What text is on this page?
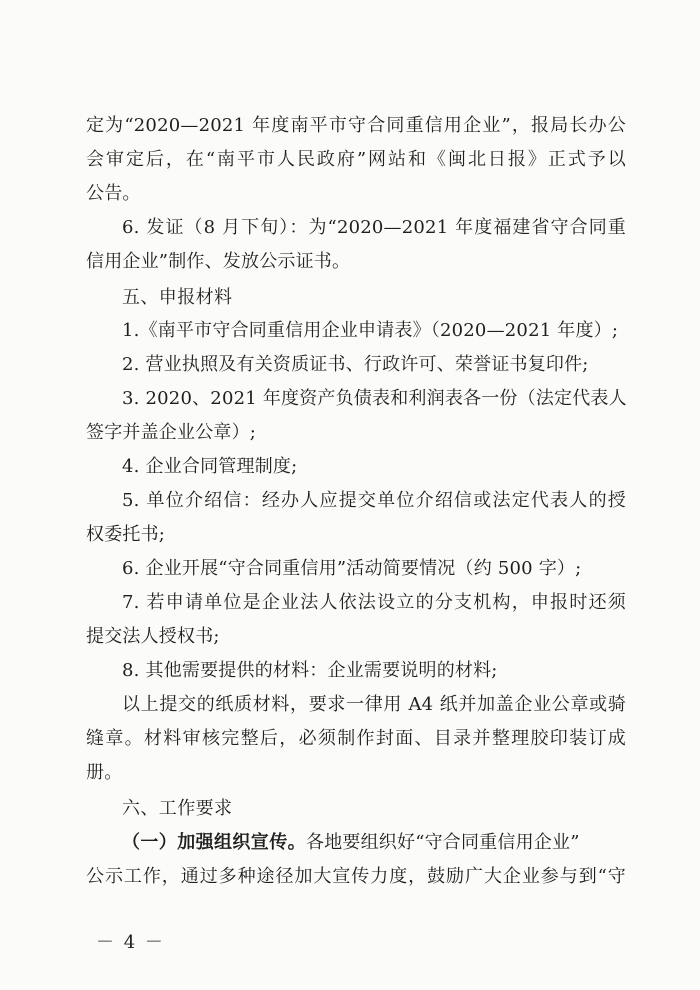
定为“2020—2021 年度南平市守合同重信用企业”，报局长办公
会审定后，在“南平市人民政府”网站和《闽北日报》正式予以
公告。
6. 发证（8 月下旬）：为“2020—2021 年度福建省守合同重
信用企业”制作、发放公示证书。
五、申报材料
1.《南平市守合同重信用企业申请表》（2020—2021 年度）;
2. 营业执照及有关资质证书、行政许可、荣誉证书复印件;
3. 2020、2021 年度资产负债表和利润表各一份（法定代表人
签字并盖企业公章）;
4. 企业合同管理制度;
5. 单位介绍信：经办人应提交单位介绍信或法定代表人的授
权委托书;
6. 企业开展“守合同重信用”活动简要情况（约 500 字）;
7. 若申请单位是企业法人依法设立的分支机构，申报时还须
提交法人授权书;
8. 其他需要提供的材料：企业需要说明的材料;
以上提交的纸质材料，要求一律用 A4 纸并加盖企业公章或骑
缝章。材料审核完整后，必须制作封面、目录并整理胶印装订成
册。
六、工作要求
（一）加强组织宣传。各地要组织好“守合同重信用企业”
公示工作，通过多种途径加大宣传力度，鼓励广大企业参与到“守
－ 4 －
